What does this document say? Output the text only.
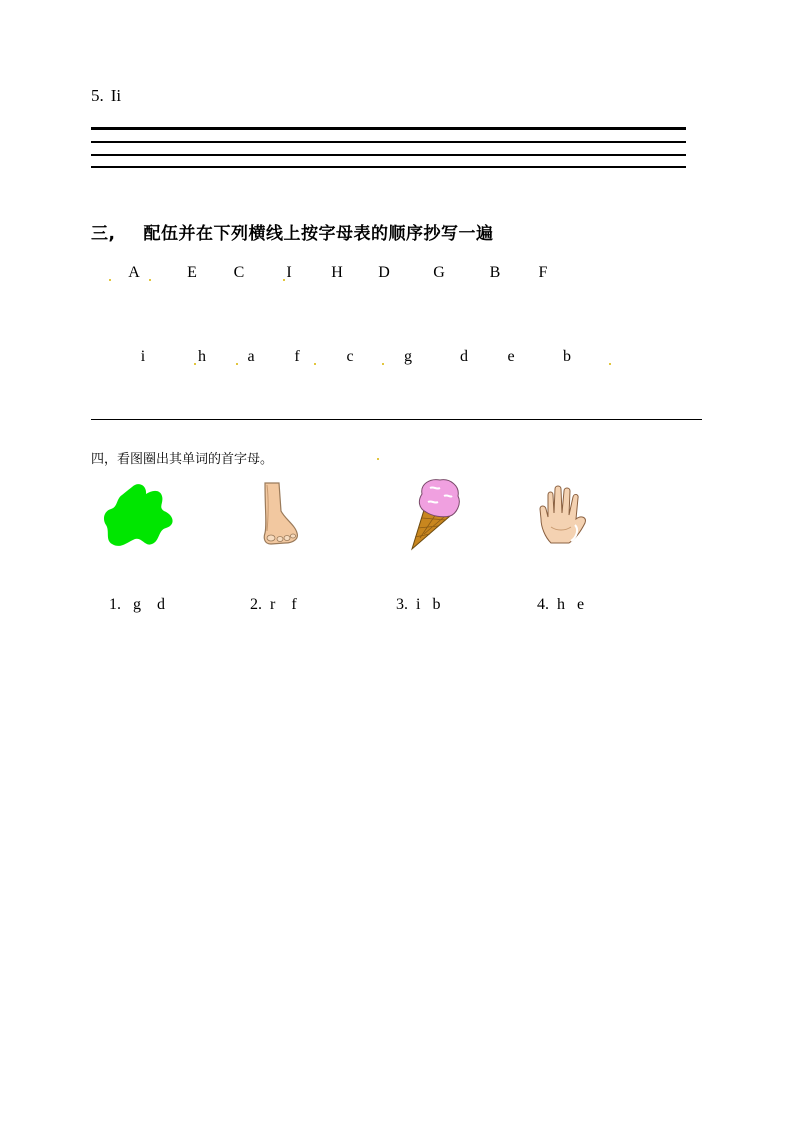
5. Ii
三, 配伍并在下列横线上按字母表的顺序抄写一遍
A	E C	I H D	G	B F
i	h	a f	c	g	d e	b
四，看图圈出其单词的首字母。
1. g d	2. r f	3. i b	4. h e
